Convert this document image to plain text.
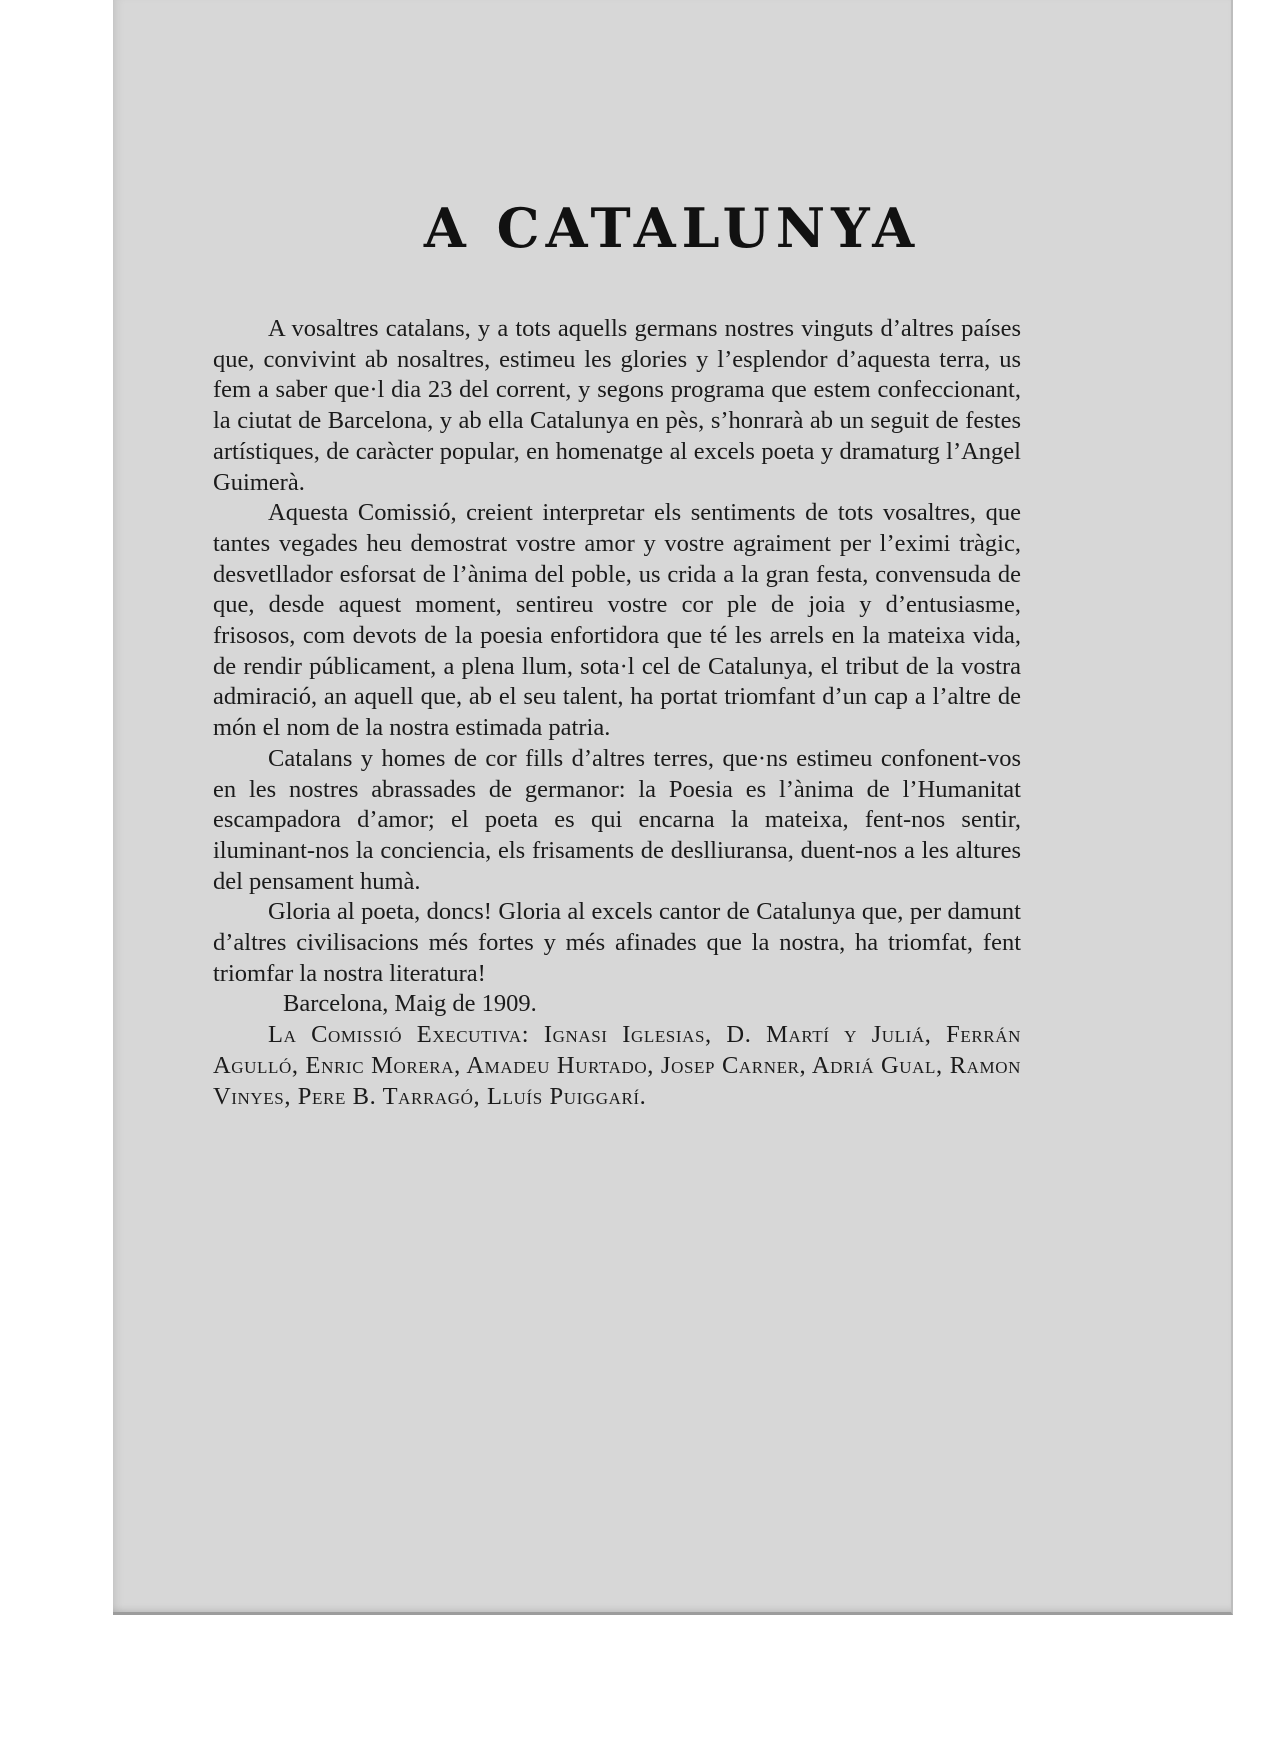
A CATALUNYA

A vosaltres catalans, y a tots aquells germans nostres vinguts d’altres países que, convivint ab nosaltres, estimeu les glories y l’esplendor d’aquesta terra, us fem a saber que·l dia 23 del corrent, y segons programa que estem confeccionant, la ciutat de Barcelona, y ab ella Catalunya en pès, s’honrarà ab un seguit de festes artístiques, de caràcter popular, en homenatge al excels poeta y dramaturg l’Angel Guimerà.

Aquesta Comissió, creient interpretar els sentiments de tots vosaltres, que tantes vegades heu demostrat vostre amor y vostre agraiment per l’eximi tràgic, desvetllador esforsat de l’ànima del poble, us crida a la gran festa, convensuda de que, desde aquest moment, sentireu vostre cor ple de joia y d’entusiasme, frisosos, com devots de la poesia enfortidora que té les arrels en la mateixa vida, de rendir públicament, a plena llum, sota·l cel de Catalunya, el tribut de la vostra admiració, an aquell que, ab el seu talent, ha portat triomfant d’un cap a l’altre de món el nom de la nostra estimada patria.

Catalans y homes de cor fills d’altres terres, que·ns estimeu confonent-vos en les nostres abrassades de germanor: la Poesia es l’ànima de l’Humanitat escampadora d’amor; el poeta es qui encarna la mateixa, fent-nos sentir, iluminant-nos la conciencia, els frisaments de deslliuransa, duent-nos a les altures del pensament humà.

Gloria al poeta, doncs! Gloria al excels cantor de Catalunya que, per damunt d’altres civilisacions més fortes y més afinades que la nostra, ha triomfat, fent triomfar la nostra literatura!

Barcelona, Maig de 1909.

La Comissió Executiva: Ignasi Iglesias, D. Martí y Juliá, Ferrán Agulló, Enric Morera, Amadeu Hurtado, Josep Carner, Adriá Gual, Ramon Vinyes, Pere B. Tarragó, Lluís Puiggarí.
